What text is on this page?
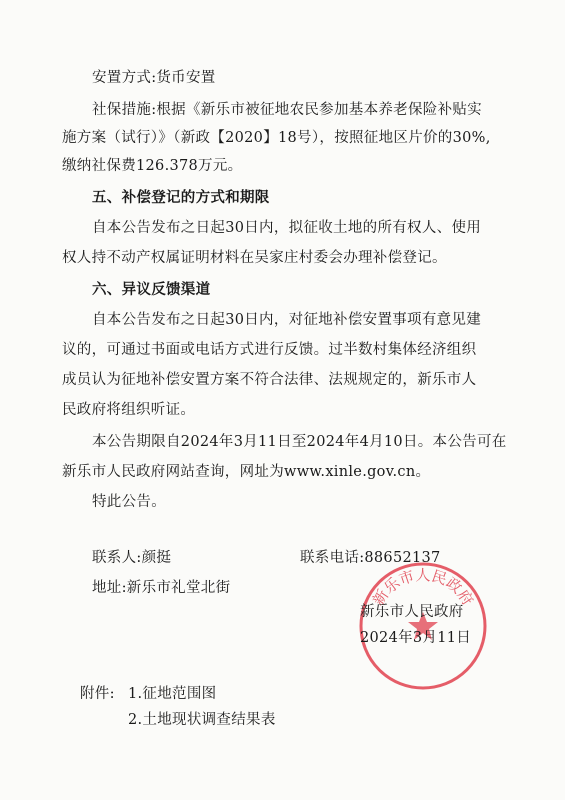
安置方式:货币安置
社保措施:根据《新乐市被征地农民参加基本养老保险补贴实
施方案（试行）》（新政【2020】18号），按照征地区片价的30%,
缴纳社保费126.378万元。
五、补偿登记的方式和期限
自本公告发布之日起30日内，拟征收土地的所有权人、使用
权人持不动产权属证明材料在吴家庄村委会办理补偿登记。
六、异议反馈渠道
自本公告发布之日起30日内，对征地补偿安置事项有意见建
议的，可通过书面或电话方式进行反馈。过半数村集体经济组织
成员认为征地补偿安置方案不符合法律、法规规定的，新乐市人
民政府将组织听证。
本公告期限自2024年3月11日至2024年4月10日。本公告可在
新乐市人民政府网站查询，网址为www.xinle.gov.cn。
特此公告。
联系人:颜挺	联系电话:88652137
地址:新乐市礼堂北街	新乐市人民政府
新乐市人民政府
2024年3月11日
附件: 1.征地范围图
2.土地现状调查结果表
